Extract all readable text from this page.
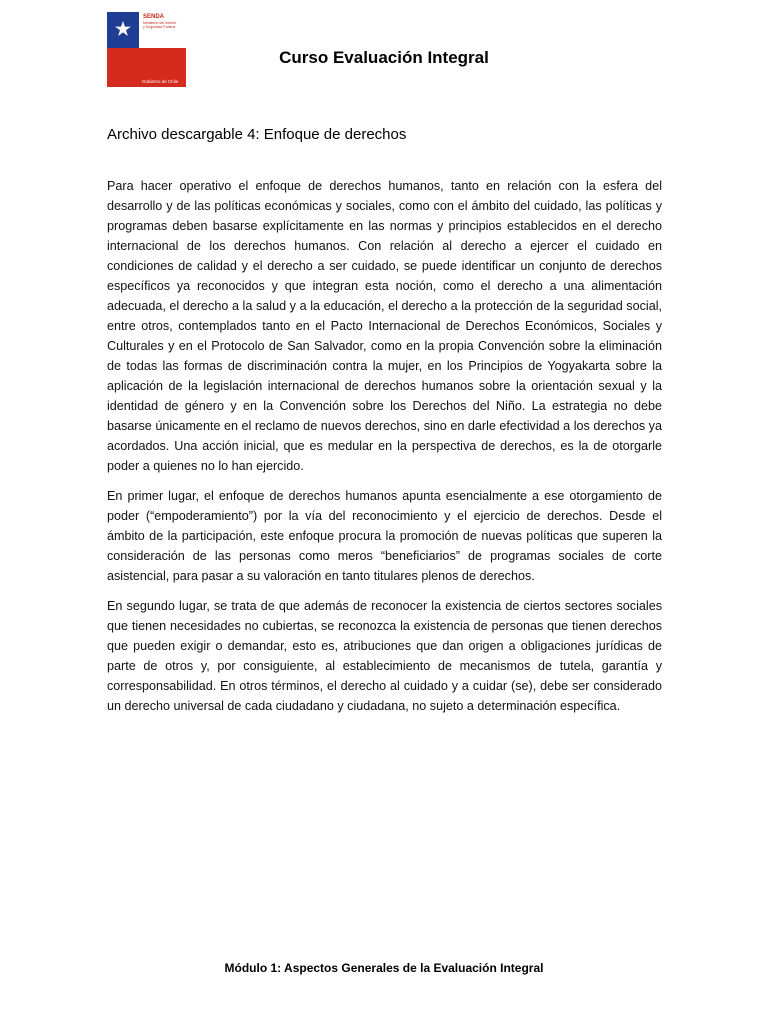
SENDA
Ministerio del Interior
y Seguridad Pública
Gobierno de Chile
Curso Evaluación Integral
Archivo descargable 4: Enfoque de derechos

Para hacer operativo el enfoque de derechos humanos, tanto en relación con la esfera del desarrollo y de las políticas económicas y sociales, como con el ámbito del cuidado, las políticas y programas deben basarse explícitamente en las normas y principios establecidos en el derecho internacional de los derechos humanos. Con relación al derecho a ejercer el cuidado en condiciones de calidad y el derecho a ser cuidado, se puede identificar un conjunto de derechos específicos ya reconocidos y que integran esta noción, como el derecho a una alimentación adecuada, el derecho a la salud y a la educación, el derecho a la protección de la seguridad social, entre otros, contemplados tanto en el Pacto Internacional de Derechos Económicos, Sociales y Culturales y en el Protocolo de San Salvador, como en la propia Convención sobre la eliminación de todas las formas de discriminación contra la mujer, en los Principios de Yogyakarta sobre la aplicación de la legislación internacional de derechos humanos sobre la orientación sexual y la identidad de género y en la Convención sobre los Derechos del Niño. La estrategia no debe basarse únicamente en el reclamo de nuevos derechos, sino en darle efectividad a los derechos ya acordados. Una acción inicial, que es medular en la perspectiva de derechos, es la de otorgarle poder a quienes no lo han ejercido.

En primer lugar, el enfoque de derechos humanos apunta esencialmente a ese otorgamiento de poder (“empoderamiento”) por la vía del reconocimiento y el ejercicio de derechos. Desde el ámbito de la participación, este enfoque procura la promoción de nuevas políticas que superen la consideración de las personas como meros “beneficiarios” de programas sociales de corte asistencial, para pasar a su valoración en tanto titulares plenos de derechos.

En segundo lugar, se trata de que además de reconocer la existencia de ciertos sectores sociales que tienen necesidades no cubiertas, se reconozca la existencia de personas que tienen derechos que pueden exigir o demandar, esto es, atribuciones que dan origen a obligaciones jurídicas de parte de otros y, por consiguiente, al establecimiento de mecanismos de tutela, garantía y corresponsabilidad. En otros términos, el derecho al cuidado y a cuidar (se), debe ser considerado un derecho universal de cada ciudadano y ciudadana, no sujeto a determinación específica.

Módulo 1: Aspectos Generales de la Evaluación Integral
